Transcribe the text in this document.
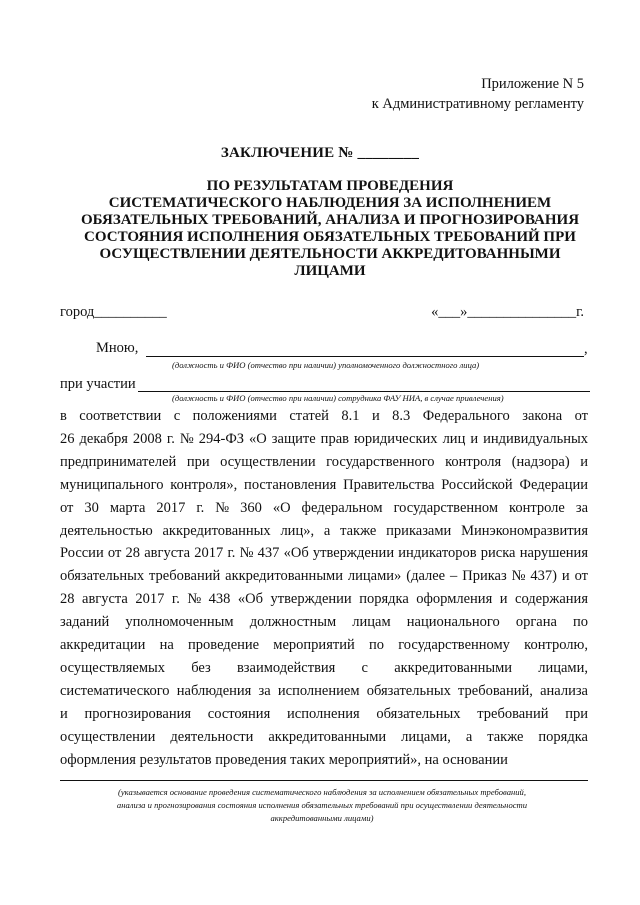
Приложение N 5
к Административному регламенту
ЗАКЛЮЧЕНИЕ № ________
ПО РЕЗУЛЬТАТАМ ПРОВЕДЕНИЯ
СИСТЕМАТИЧЕСКОГО НАБЛЮДЕНИЯ ЗА ИСПОЛНЕНИЕМ
ОБЯЗАТЕЛЬНЫХ ТРЕБОВАНИЙ, АНАЛИЗА И ПРОГНОЗИРОВАНИЯ
СОСТОЯНИЯ ИСПОЛНЕНИЯ ОБЯЗАТЕЛЬНЫХ ТРЕБОВАНИЙ ПРИ
ОСУЩЕСТВЛЕНИИ ДЕЯТЕЛЬНОСТИ АККРЕДИТОВАННЫМИ
ЛИЦАМИ
город__________	«___»_______________г.
Мною,	,
(должность и ФИО (отчество при наличии) уполномоченного должностного лица)
при участии
(должность и ФИО (отчество при наличии) сотрудника ФАУ НИА, в случае привлечения)
в соответствии с положениями статей 8.1 и 8.3 Федерального закона от
26 декабря 2008 г. № 294-ФЗ «О защите прав юридических лиц и индивидуальных
предпринимателей при осуществлении государственного контроля (надзора) и
муниципального контроля», постановления Правительства Российской Федерации
от 30 марта 2017 г. № 360 «О федеральном государственном контроле за
деятельностью аккредитованных лиц», а также приказами Минэкономразвития
России от 28 августа 2017 г. № 437 «Об утверждении индикаторов риска нарушения
обязательных требований аккредитованными лицами» (далее – Приказ № 437) и от
28 августа 2017 г. № 438 «Об утверждении порядка оформления и содержания
заданий уполномоченным должностным лицам национального органа по
аккредитации на проведение мероприятий по государственному контролю,
осуществляемых без взаимодействия с аккредитованными лицами,
систематического наблюдения за исполнением обязательных требований, анализа
и прогнозирования состояния исполнения обязательных требований при
осуществлении деятельности аккредитованными лицами, а также порядка
оформления результатов проведения таких мероприятий», на основании
(указывается основание проведения систематического наблюдения за исполнением обязательных требований,
анализа и прогнозирования состояния исполнения обязательных требований при осуществлении деятельности
аккредитованными лицами)
